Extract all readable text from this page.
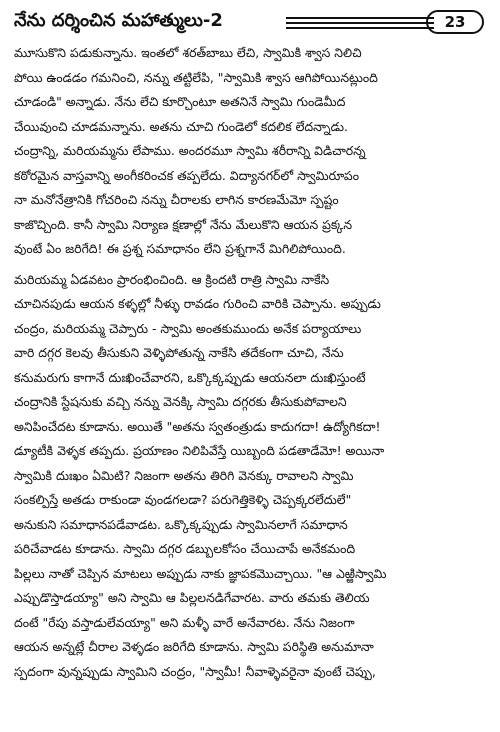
నేను దర్శించిన మహాత్ములు-2	23

మూసుకొని పడుకున్నాను. ఇంతలో శరత్‌బాబు లేచి, స్వామికి శ్వాస నిలిచి
పోయి ఉండడం గమనించి, నన్ను తట్టిలేపి, "స్వామికి శ్వాస ఆగిపోయినట్లుంది
చూడండి" అన్నాడు. నేను లేచి కూర్చొంటూ అతనినే స్వామి గుండెమీద
చేయివుంచి చూడమన్నాను. అతను చూచి గుండెలో కదలిక లేదన్నాడు.
చంద్రాన్ని, మరియమ్మను లేపాము. అందరమూ స్వామి శరీరాన్ని విడిచారన్న
కఠోరమైన వాస్తవాన్ని అంగీకరించక తప్పలేదు. విద్యానగర్‌లో స్వామిరూపం
నా మనోనేత్రానికి గోచరించి నన్ను చీరాలకు లాగిన కారణమేమో స్పష్టం
కాజొచ్చింది. కానీ స్వామి నిర్యాణ క్షణాల్లో నేను మేలుకొని ఆయన ప్రక్కన
వుంటే ఏం జరిగేది! ఈ ప్రశ్న సమాధానం లేని ప్రశ్నగానే మిగిలిపోయింది.

మరియమ్మ ఏడవటం ప్రారంభించింది. ఆ క్రిందటి రాత్రి స్వామి నాకేసి
చూచినపుడు ఆయన కళ్ళల్లో నీళ్ళు రావడం గురించి వారికి చెప్పాను. అప్పుడు
చంద్రం, మరియమ్మ చెప్పారు - స్వామి అంతకుముందు అనేక పర్యాయాలు
వారి దగ్గర కెలవు తీసుకుని వెళ్ళిపోతున్న నాకేసి తదేకంగా చూచి, నేను
కనుమరుగు కాగానే దుఃఖించేవారని, ఒక్కొక్కప్పుడు ఆయనలా దుఃఖిస్తుంటే
చంద్రానికి స్టేషనుకు వచ్చి నన్ను వెనక్కి స్వామి దగ్గరకు తీసుకుపోవాలని
అనిపించేదట కూడాను. అయితే "అతను స్వతంత్రుడు కాదుగదా! ఉద్యోగికదా!
డ్యూటీకి వెళ్ళక తప్పదు. ప్రయాణం నిలిపివేస్తే యిబ్బంది పడతాడేమో! అయినా
స్వామికి దుఃఖం ఏమిటి? నిజంగా అతను తిరిగి వెనక్కు రావాలని స్వామి
సంకల్పిస్తే అతడు రాకుండా వుండగలడా? పరుగెత్తికెళ్ళి చెప్పక్కరలేదులే"
అనుకుని సమాధానపడేవాడట. ఒక్కొక్కప్పుడు స్వామినలాగే సమాధాన
పరిచేవాడట కూడాను. స్వామి దగ్గర డబ్బులకోసం చేయిచాపే అనేకమంది
పిల్లలు నాతో చెప్పిన మాటలు అప్పుడు నాకు జ్ఞాపకమొచ్చాయి. "ఆ ఎఱ్ఱిస్వామి
ఎప్పుడొస్తాడయ్యా" అని స్వామి ఆ పిల్లలనడిగేవారట. వారు తమకు తెలియ
దంటే "రేపు వస్తాడులేవయ్యా" అని మళ్ళీ వారే అనేవారట. నేను నిజంగా
ఆయన అన్నట్లే చీరాల వెళ్ళడం జరిగేది కూడాను. స్వామి పరిస్థితి అనుమానా
స్పదంగా వున్నప్పుడు స్వామిని చంద్రం, "స్వామీ! నీవాళ్ళెవరైనా వుంటే చెప్పు,
